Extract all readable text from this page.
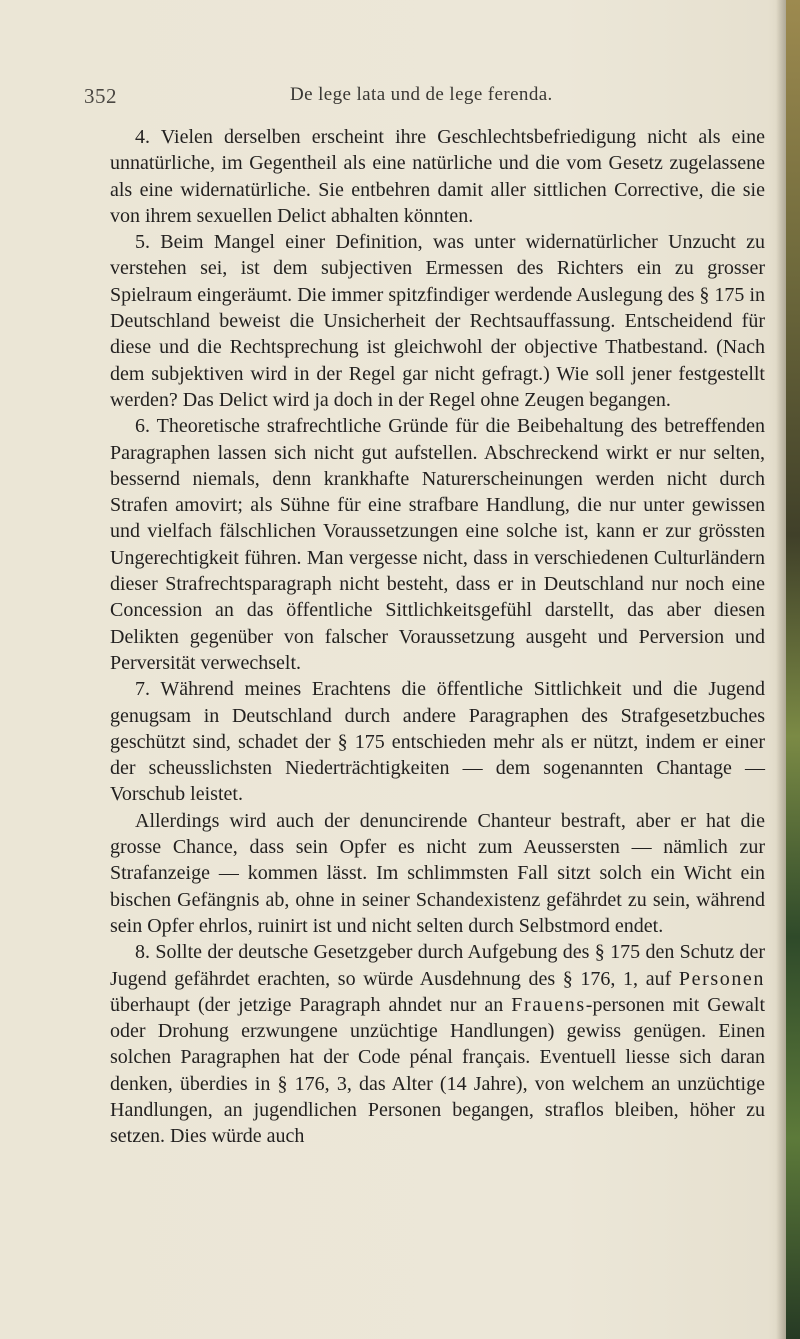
352	De lege lata und de lege ferenda.

4. Vielen derselben erscheint ihre Geschlechtsbefriedigung nicht als eine unnatürliche, im Gegentheil als eine natürliche und die vom Gesetz zugelassene als eine widernatürliche. Sie entbehren damit aller sittlichen Corrective, die sie von ihrem sexuellen Delict abhalten könnten.

5. Beim Mangel einer Definition, was unter widernatürlicher Unzucht zu verstehen sei, ist dem subjectiven Ermessen des Richters ein zu grosser Spielraum eingeräumt. Die immer spitzfindiger werdende Auslegung des § 175 in Deutschland beweist die Unsicherheit der Rechtsauffassung. Entscheidend für diese und die Rechtsprechung ist gleichwohl der objective Thatbestand. (Nach dem subjektiven wird in der Regel gar nicht gefragt.) Wie soll jener festgestellt werden? Das Delict wird ja doch in der Regel ohne Zeugen begangen.

6. Theoretische strafrechtliche Gründe für die Beibehaltung des betreffenden Paragraphen lassen sich nicht gut aufstellen. Abschreckend wirkt er nur selten, bessernd niemals, denn krankhafte Naturerscheinungen werden nicht durch Strafen amovirt; als Sühne für eine strafbare Handlung, die nur unter gewissen und vielfach fälschlichen Voraussetzungen eine solche ist, kann er zur grössten Ungerechtigkeit führen. Man vergesse nicht, dass in verschiedenen Culturländern dieser Strafrechtsparagraph nicht besteht, dass er in Deutschland nur noch eine Concession an das öffentliche Sittlichkeitsgefühl darstellt, das aber diesen Delikten gegenüber von falscher Voraussetzung ausgeht und Perversion und Perversität verwechselt.

7. Während meines Erachtens die öffentliche Sittlichkeit und die Jugend genugsam in Deutschland durch andere Paragraphen des Strafgesetzbuches geschützt sind, schadet der § 175 entschieden mehr als er nützt, indem er einer der scheusslichsten Niederträchtigkeiten — dem sogenannten Chantage — Vorschub leistet.

Allerdings wird auch der denuncirende Chanteur bestraft, aber er hat die grosse Chance, dass sein Opfer es nicht zum Aeussersten — nämlich zur Strafanzeige — kommen lässt. Im schlimmsten Fall sitzt solch ein Wicht ein bischen Gefängnis ab, ohne in seiner Schandexistenz gefährdet zu sein, während sein Opfer ehrlos, ruinirt ist und nicht selten durch Selbstmord endet.

8. Sollte der deutsche Gesetzgeber durch Aufgebung des § 175 den Schutz der Jugend gefährdet erachten, so würde Ausdehnung des § 176, 1, auf Personen überhaupt (der jetzige Paragraph ahndet nur an Frauens-personen mit Gewalt oder Drohung erzwungene unzüchtige Handlungen) gewiss genügen. Einen solchen Paragraphen hat der Code pénal français. Eventuell liesse sich daran denken, überdies in § 176, 3, das Alter (14 Jahre), von welchem an unzüchtige Handlungen, an jugendlichen Personen begangen, straflos bleiben, höher zu setzen. Dies würde auch
